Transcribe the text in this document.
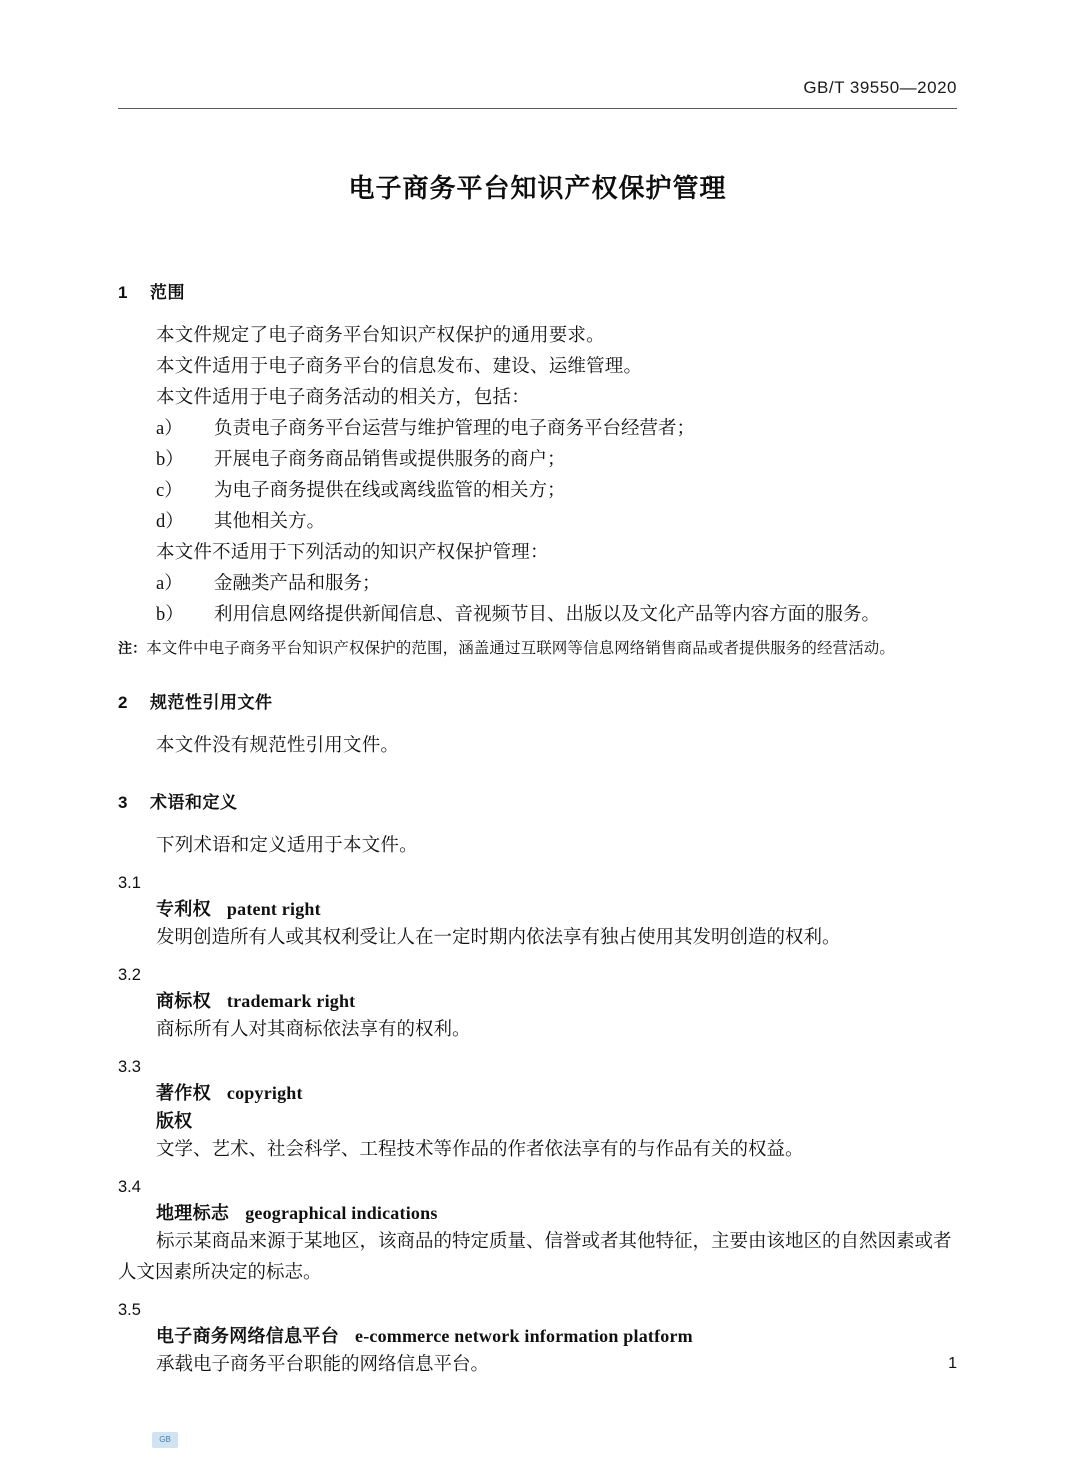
GB/T 39550—2020
电子商务平台知识产权保护管理
1 范围

本文件规定了电子商务平台知识产权保护的通用要求。

本文件适用于电子商务平台的信息发布、建设、运维管理。

本文件适用于电子商务活动的相关方，包括：

a）	负责电子商务平台运营与维护管理的电子商务平台经营者；
b）	开展电子商务商品销售或提供服务的商户；
c）	为电子商务提供在线或离线监管的相关方；
d）	其他相关方。

本文件不适用于下列活动的知识产权保护管理：

a）	金融类产品和服务；
b）	利用信息网络提供新闻信息、音视频节目、出版以及文化产品等内容方面的服务。

注：本文件中电子商务平台知识产权保护的范围，涵盖通过互联网等信息网络销售商品或者提供服务的经营活动。

2 规范性引用文件

本文件没有规范性引用文件。

3 术语和定义

下列术语和定义适用于本文件。

3.1
专利权 patent right

发明创造所有人或其权利受让人在一定时期内依法享有独占使用其发明创造的权利。

3.2
商标权 trademark right

商标所有人对其商标依法享有的权利。

3.3
著作权 copyright
版权

文学、艺术、社会科学、工程技术等作品的作者依法享有的与作品有关的权益。

3.4
地理标志 geographical indications

标示某商品来源于某地区，该商品的特定质量、信誉或者其他特征，主要由该地区的自然因素或者人文因素所决定的标志。

3.5
电子商务网络信息平台 e-commerce network information platform

承载电子商务平台职能的网络信息平台。	1
GB
